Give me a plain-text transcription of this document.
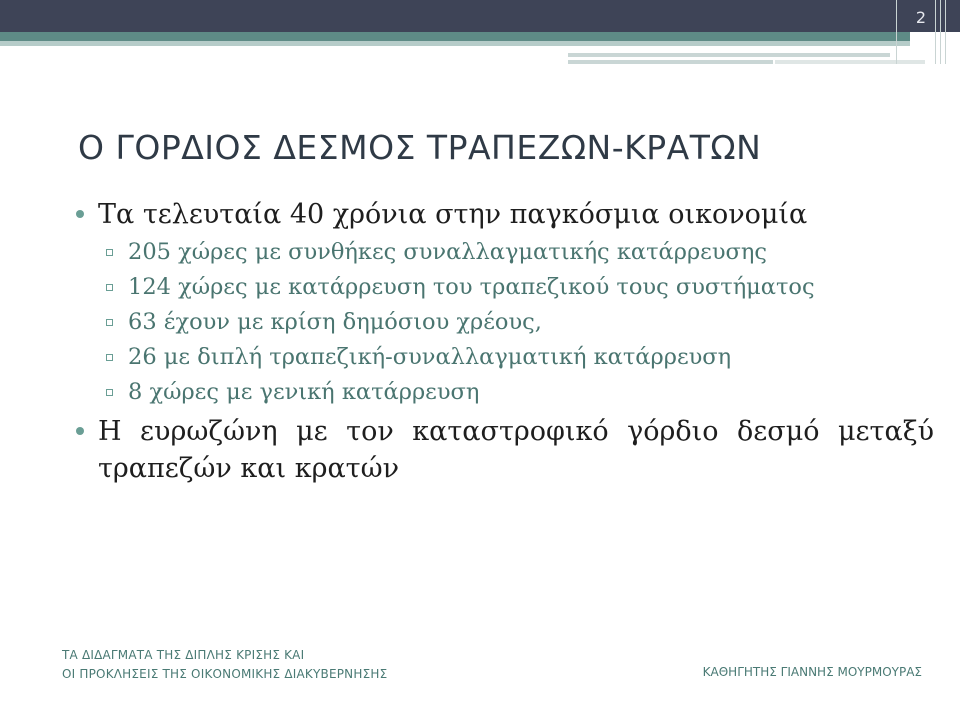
2
Ο ΓΟΡΔΙΟΣ ΔΕΣΜΟΣ ΤΡΑΠΕΖΩΝ-ΚΡΑΤΩΝ
Τα τελευταία 40 χρόνια στην παγκόσμια οικονομία
205 χώρες με συνθήκες συναλλαγματικής κατάρρευσης
124 χώρες με κατάρρευση του τραπεζικού τους συστήματος
63 έχουν με κρίση δημόσιου χρέους,
26 με διπλή τραπεζική-συναλλαγματική κατάρρευση
8 χώρες με γενική κατάρρευση
Η ευρωζώνη με τον καταστροφικό γόρδιο δεσμό μεταξύ τραπεζών και κρατών
ΤΑ ΔΙΔΑΓΜΑΤΑ ΤΗΣ ΔΙΠΛΗΣ ΚΡΙΣΗΣ ΚΑΙ
ΟΙ ΠΡΟΚΛΗΣΕΙΣ ΤΗΣ ΟΙΚΟΝΟΜΙΚΗΣ ΔΙΑΚΥΒΕΡΝΗΣΗΣ	ΚΑΘΗΓΗΤΗΣ ΓΙΑΝΝΗΣ ΜΟΥΡΜΟΥΡΑΣ
